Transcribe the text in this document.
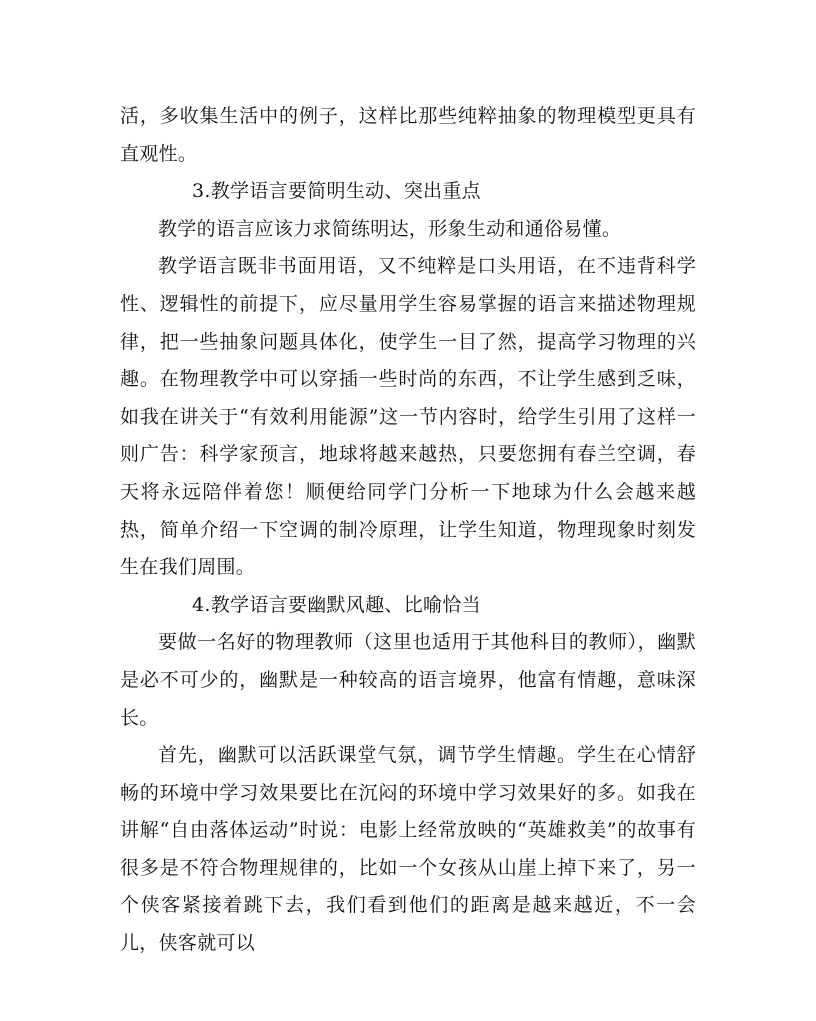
活，多收集生活中的例子，这样比那些纯粹抽象的物理模型更具有直观性。

3.教学语言要简明生动、突出重点

教学的语言应该力求简练明达，形象生动和通俗易懂。

教学语言既非书面用语，又不纯粹是口头用语，在不违背科学性、逻辑性的前提下，应尽量用学生容易掌握的语言来描述物理规律，把一些抽象问题具体化，使学生一目了然，提高学习物理的兴趣。在物理教学中可以穿插一些时尚的东西，不让学生感到乏味，如我在讲关于“有效利用能源”这一节内容时，给学生引用了这样一则广告：科学家预言，地球将越来越热，只要您拥有春兰空调，春天将永远陪伴着您！顺便给同学门分析一下地球为什么会越来越热，简单介绍一下空调的制冷原理，让学生知道，物理现象时刻发生在我们周围。

4.教学语言要幽默风趣、比喻恰当

要做一名好的物理教师（这里也适用于其他科目的教师），幽默是必不可少的，幽默是一种较高的语言境界，他富有情趣，意味深长。

首先，幽默可以活跃课堂气氛，调节学生情趣。学生在心情舒畅的环境中学习效果要比在沉闷的环境中学习效果好的多。如我在讲解“自由落体运动”时说：电影上经常放映的“英雄救美”的故事有很多是不符合物理规律的，比如一个女孩从山崖上掉下来了，另一个侠客紧接着跳下去，我们看到他们的距离是越来越近，不一会儿，侠客就可以
